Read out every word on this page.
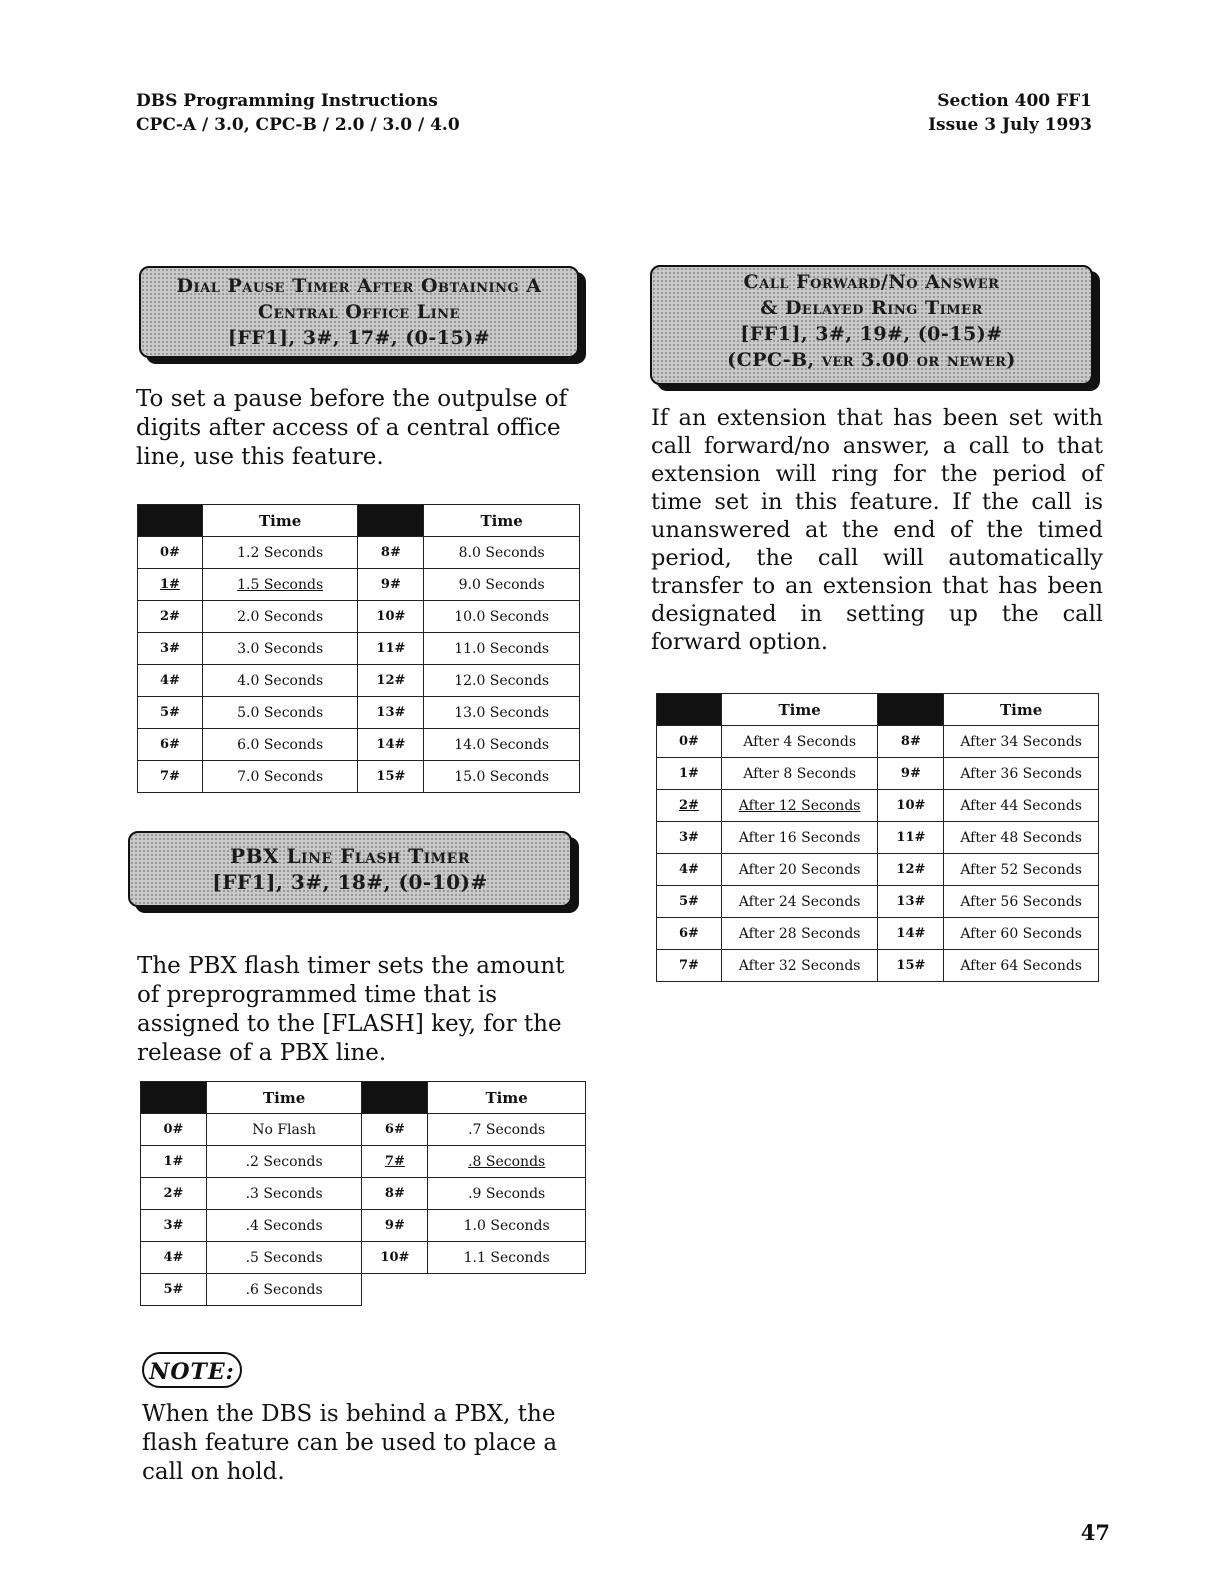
DBS Programming Instructions
CPC-A / 3.0, CPC-B / 2.0 / 3.0 / 4.0
Section 400 FF1
Issue 3 July 1993
Dial Pause Timer After Obtaining A
Central Office Line
[FF1], 3#, 17#, (0-15)#
To set a pause before the outpulse of digits after access of a central office line, use this feature.
	Time		Time
0#	1.2 Seconds	8#	8.0 Seconds
1#	1.5 Seconds	9#	9.0 Seconds
2#	2.0 Seconds	10#	10.0 Seconds
3#	3.0 Seconds	11#	11.0 Seconds
4#	4.0 Seconds	12#	12.0 Seconds
5#	5.0 Seconds	13#	13.0 Seconds
6#	6.0 Seconds	14#	14.0 Seconds
7#	7.0 Seconds	15#	15.0 Seconds
PBX Line Flash Timer
[FF1], 3#, 18#, (0-10)#
The PBX flash timer sets the amount of preprogrammed time that is assigned to the [FLASH] key, for the release of a PBX line.
	Time		Time
0#	No Flash	6#	.7 Seconds
1#	.2 Seconds	7#	.8 Seconds
2#	.3 Seconds	8#	.9 Seconds
3#	.4 Seconds	9#	1.0 Seconds
4#	.5 Seconds	10#	1.1 Seconds
5#	.6 Seconds		
NOTE:
When the DBS is behind a PBX, the flash feature can be used to place a call on hold.
Call Forward/No Answer
& Delayed Ring Timer
[FF1], 3#, 19#, (0-15)#
(CPC-B, ver 3.00 or newer)
If an extension that has been set with call forward/no answer, a call to that extension will ring for the period of time set in this feature. If the call is unanswered at the end of the timed period, the call will automatically transfer to an extension that has been designated in setting up the call forward option.
	Time		Time
0#	After 4 Seconds	8#	After 34 Seconds
1#	After 8 Seconds	9#	After 36 Seconds
2#	After 12 Seconds	10#	After 44 Seconds
3#	After 16 Seconds	11#	After 48 Seconds
4#	After 20 Seconds	12#	After 52 Seconds
5#	After 24 Seconds	13#	After 56 Seconds
6#	After 28 Seconds	14#	After 60 Seconds
7#	After 32 Seconds	15#	After 64 Seconds
47
